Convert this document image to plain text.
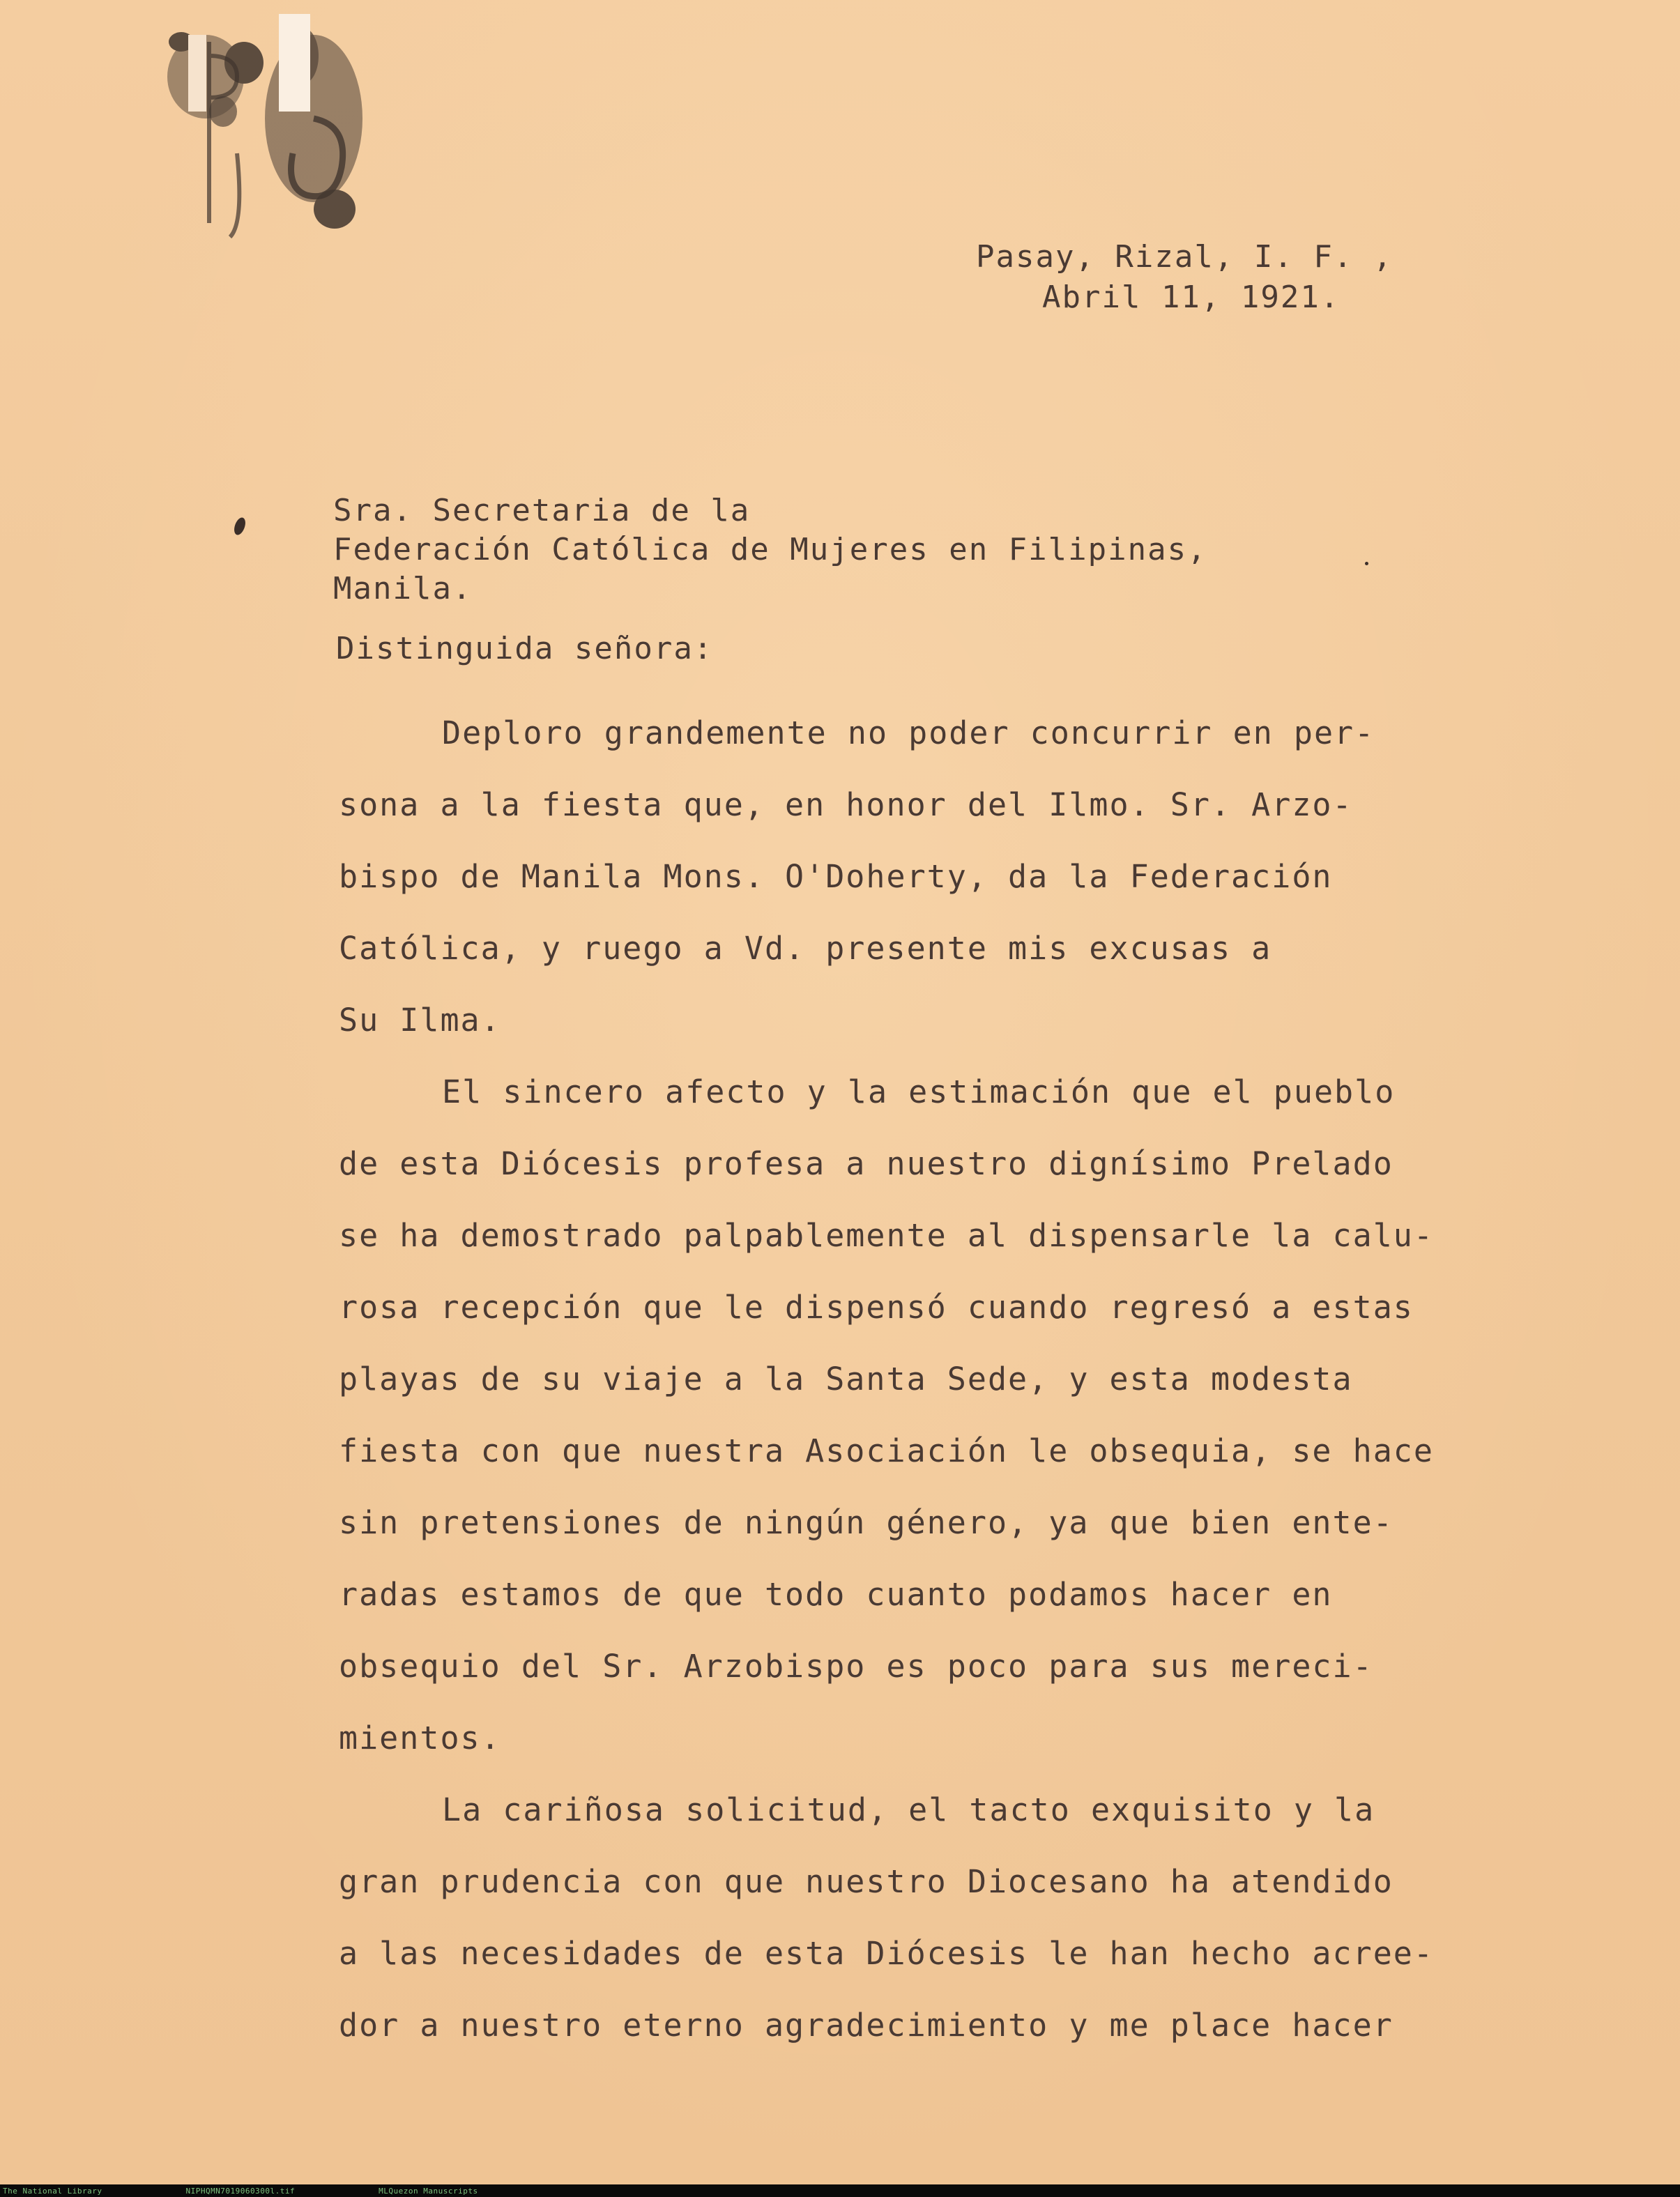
Pasay, Rizal, I. F. ,
Abril 11, 1921.
Sra. Secretaria de la
Federación Católica de Mujeres en Filipinas,
Manila.
Distinguida señora:
Deploro grandemente no poder concurrir en per-
sona a la fiesta que, en honor del Ilmo. Sr. Arzo-
bispo de Manila Mons. O'Doherty, da la Federación
Católica, y ruego a Vd. presente mis excusas a
Su Ilma.
El sincero afecto y la estimación que el pueblo
de esta Diócesis profesa a nuestro dignísimo Prelado
se ha demostrado palpablemente al dispensarle la calu-
rosa recepción que le dispensó cuando regresó a estas
playas de su viaje a la Santa Sede, y esta modesta
fiesta con que nuestra Asociación le obsequia, se hace
sin pretensiones de ningún género, ya que bien ente-
radas estamos de que todo cuanto podamos hacer en
obsequio del Sr. Arzobispo es poco para sus mereci-
mientos.
La cariñosa solicitud, el tacto exquisito y la
gran prudencia con que nuestro Diocesano ha atendido
a las necesidades de esta Diócesis le han hecho acree-
dor a nuestro eterno agradecimiento y me place hacer
The National Library	NIPHQMN7019060300l.tif	MLQuezon Manuscripts
